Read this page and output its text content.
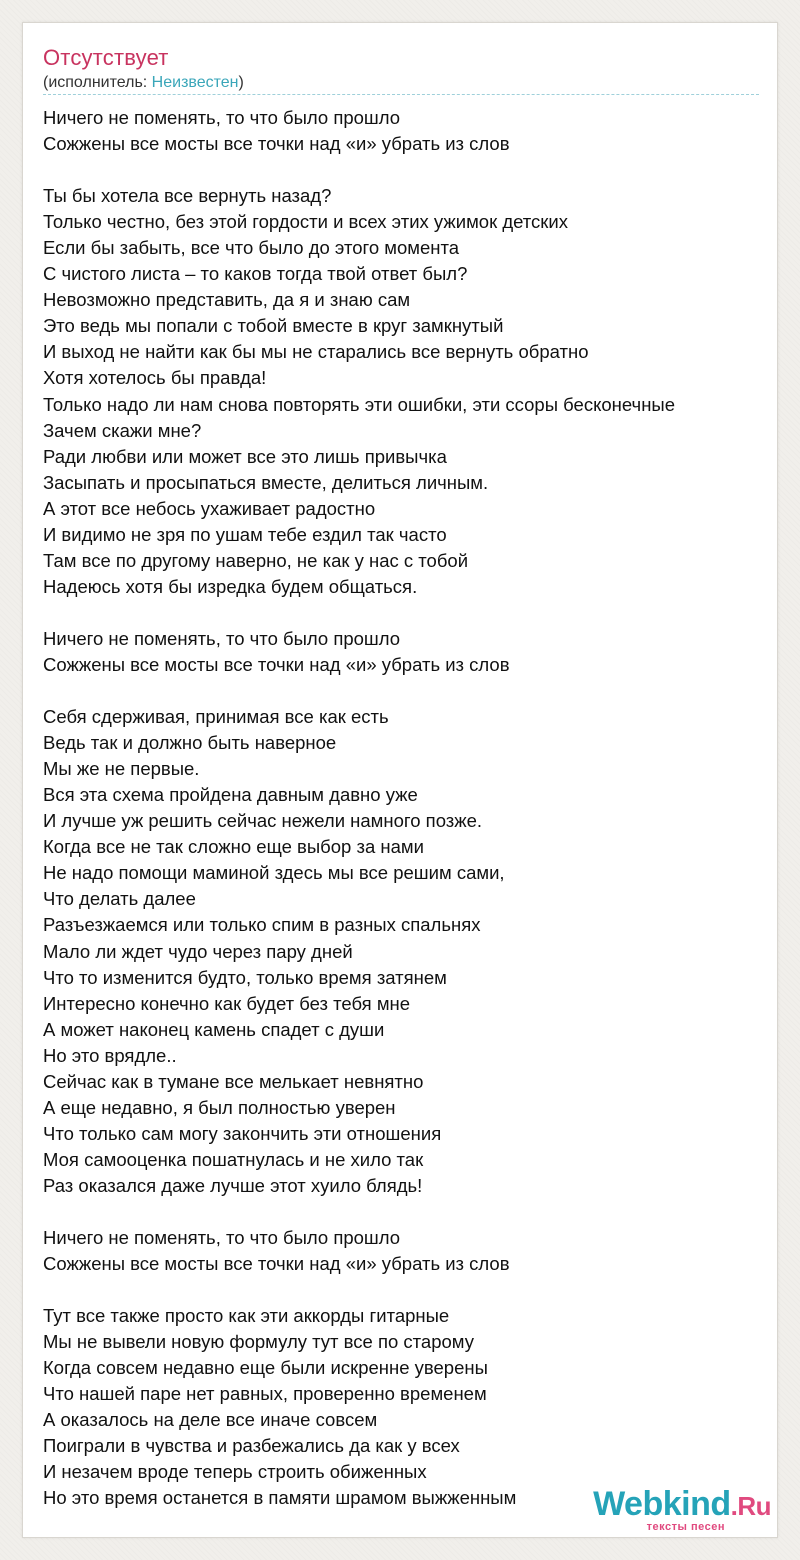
Отсутствует
(исполнитель: Неизвестен)
Ничего не поменять, то что было прошло
Сожжены все мосты все точки над «и» убрать из слов
Ты бы хотела все вернуть назад?
Только честно, без этой гордости и всех этих ужимок детских
Если бы забыть, все что было до этого момента
С чистого листа – то каков тогда твой ответ был?
Невозможно представить, да я и знаю сам
Это ведь мы попали с тобой вместе в круг замкнутый
И выход не найти как бы мы не старались все вернуть обратно
Хотя хотелось бы правда!
Только надо ли нам снова повторять эти ошибки, эти ссоры бесконечные
Зачем скажи мне?
Ради любви или может все это лишь привычка
Засыпать и просыпаться вместе, делиться личным.
А этот все небось ухаживает радостно
И видимо не зря по ушам тебе ездил так часто
Там все по другому наверно, не как у нас с тобой
Надеюсь хотя бы изредка будем общаться.
Ничего не поменять, то что было прошло
Сожжены все мосты все точки над «и» убрать из слов
Себя сдерживая, принимая все как есть
Ведь так и должно быть наверное
Мы же не первые.
Вся эта схема пройдена давным давно уже
И лучше уж решить сейчас нежели намного позже.
Когда все не так сложно еще выбор за нами
Не надо помощи маминой здесь мы все решим сами,
Что делать далее
Разъезжаемся или только спим в разных спальнях
Мало ли ждет чудо через пару дней
Что то изменится будто, только время затянем
Интересно конечно как будет без тебя мне
А может наконец камень спадет с души
Но это врядле..
Сейчас как в тумане все мелькает невнятно
А еще недавно, я был полностью уверен
Что только сам могу закончить эти отношения
Моя самооценка пошатнулась и не хило так
Раз оказался даже лучше этот хуило блядь!
Ничего не поменять, то что было прошло
Сожжены все мосты все точки над «и» убрать из слов
Тут все также просто как эти аккорды гитарные
Мы не вывели новую формулу тут все по старому
Когда совсем недавно еще были искренне уверены
Что нашей паре нет равных, провереннo временем
А оказалось на деле все иначе совсем
Поиграли в чувства и разбежались да как у всех
И незачем вроде теперь строить обиженных
Но это время останется в памяти шрамом выжженным	Webkind.Ru
тексты песен
